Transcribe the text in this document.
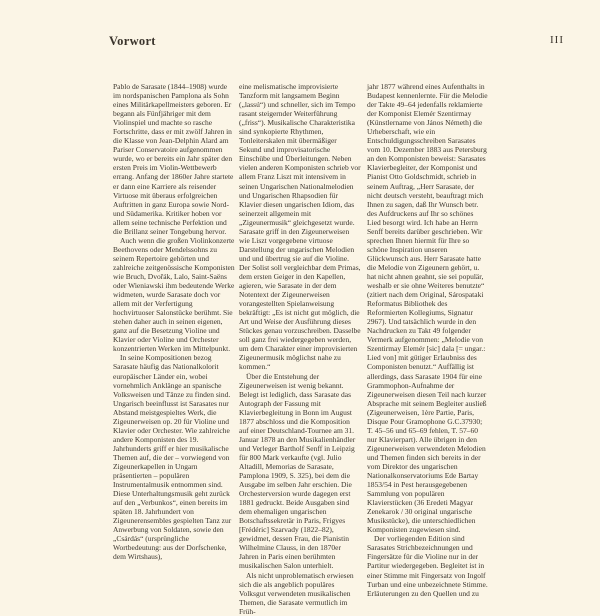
III
Vorwort

Pablo de Sarasate (1844–1908) wurde im nordspanischen Pamplona als Sohn eines Militärkapellmeisters geboren. Er begann als Fünfjähriger mit dem Violinspiel und machte so rasche Fortschritte, dass er mit zwölf Jahren in die Klasse von Jean-Delphin Alard am Pariser Conservatoire aufgenommen wurde, wo er bereits ein Jahr später den ersten Preis im Violin-Wettbewerb errang. Anfang der 1860er Jahre startete er dann eine Karriere als reisender Virtuose mit überaus erfolgreichen Auftritten in ganz Europa sowie Nord- und Südamerika. Kritiker hoben vor allem seine technische Perfektion und die Brillanz seiner Tongebung hervor.

Auch wenn die großen Violinkonzerte Beethovens oder Mendelssohns zu seinem Repertoire gehörten und zahlreiche zeitgenössische Komponisten wie Bruch, Dvořák, Lalo, Saint-Saëns oder Wieniawski ihm bedeutende Werke widmeten, wurde Sarasate doch vor allem mit der Verfertigung hochvirtuoser Salonstücke berühmt. Sie stehen daher auch in seinen eigenen, ganz auf die Besetzung Violine und Klavier oder Violine und Orchester konzentrierten Werken im Mittelpunkt.

In seine Kompositionen bezog Sarasate häufig das Nationalkolorit europäischer Länder ein, wobei vornehmlich Anklänge an spanische Volksweisen und Tänze zu finden sind. Ungarisch beeinflusst ist Sarasates nur Abstand meistgespieltes Werk, die Zigeunerweisen op. 20 für Violine und Klavier oder Orchester. Wie zahlreiche andere Komponisten des 19. Jahrhunderts griff er hier musikalische Themen auf, die der – vorwiegend von Zigeunerkapellen in Ungarn präsentierten – populären Instrumentalmusik entnommen sind. Diese Unterhaltungsmusik geht zurück auf den „Verbunkos“, einen bereits im späten 18. Jahrhundert von Zigeunerensembles gespielten Tanz zur Anwerbung von Soldaten, sowie den „Csárdás“ (ursprüngliche Wortbedeutung: aus der Dorfschenke, dem Wirtshaus),

eine melismatische improvisierte Tanzform mit langsamem Beginn („lassú“) und schneller, sich im Tempo rasant steigernder Weiterführung („friss“). Musikalische Charakteristika sind synkopierte Rhythmen, Tonleiterskalen mit übermäßiger Sekund und improvisatorische Einschübe und Überleitungen. Neben vielen anderen Komponisten schrieb vor allem Franz Liszt mit intensivem in seinen Ungarischen Nationalmelodien und Ungarischen Rhapsodien für Klavier diesen ungarischen Idiom, das seinerzeit allgemein mit „Zigeunermusik“ gleichgesetzt wurde. Sarasate griff in den Zigeunerweisen wie Liszt vorgegebene virtuose Darstellung der ungarischen Melodien und und übertrug sie auf die Violine. Der Solist soll vergleichbar dem Primas, dem ersten Geiger in den Kapellen, agieren, wie Sarasate in der dem Notentext der Zigeunerweisen vorangestellten Spielanweisung bekräftigt: „Es ist nicht gut möglich, die Art und Weise der Ausführung dieses Stückes genau vorzuschreiben. Dasselbe soll ganz frei wiedergegeben werden, um dem Charakter einer improvisierten Zigeunermusik möglichst nahe zu kommen.“

Über die Entstehung der Zigeunerweisen ist wenig bekannt. Belegt ist lediglich, dass Sarasate das Autograph der Fassung mit Klavierbegleitung in Bonn im August 1877 abschloss und die Komposition auf einer Deutschland-Tournee am 31. Januar 1878 an den Musikalienhändler und Verleger Bartholf Senff in Leipzig für 800 Mark verkaufte (vgl. Julio Altadill, Memorias de Sarasate, Pamplona 1909, S. 325), bei dem die Ausgabe im selben Jahr erschien. Die Orchesterversion wurde dagegen erst 1881 gedruckt. Beide Ausgaben sind dem ehemaligen ungarischen Botschaftssekretär in Paris, Frigyes [Frédéric] Szarvady (1822–82), gewidmet, dessen Frau, die Pianistin Wilhelmine Clauss, in den 1870er Jahren in Paris einen berühmten musikalischen Salon unterhielt.

Als nicht unproblematisch erwiesen sich die als angeblich populäres Volksgut verwendeten musikalischen Themen, die Sarasate vermutlich im Früh-

jahr 1877 während eines Aufenthalts in Budapest kennenlernte. Für die Melodie der Takte 49–64 jedenfalls reklamierte der Komponist Elemér Szentirmay (Künstlername von János Németh) die Urheberschaft, wie ein Entschuldigungsschreiben Sarasates vom 10. Dezember 1883 aus Petersburg an den Komponisten beweist: Sarasates Klavierbegleiter, der Komponist und Pianist Otto Goldschmidt, schrieb in seinem Auftrag, „Herr Sarasate, der nicht deutsch versteht, beauftragt mich Ihnen zu sagen, daß Ihr Wunsch betr. des Aufdruckens auf Ihr so schönes Lied besorgt wird. Ich habe an Herrn Senff bereits darüber geschrieben. Wir sprechen Ihnen hiermit für Ihre so schöne Inspiration unseren Glückwunsch aus. Herr Sarasate hatte die Melodie von Zigeunern gehört, u. hat nicht ahnen geahnt, sie sei populär, weshalb er sie ohne Weiteres benutzte“ (zitiert nach dem Original, Sárospataki Reformatus Bibliothek des Reformierten Kollegiums, Signatur 2967). Und tatsächlich wurde in den Nachdrucken zu Takt 49 folgender Vermerk aufgenommen: „Melodie von Szentirmay Elemér [sic] dala [= ungar.: Lied von] mit gütiger Erlaubniss des Componisten benutzt.“ Auffällig ist allerdings, dass Sarasate 1904 für eine Grammophon-Aufnahme der Zigeunerweisen diesen Teil nach kurzer Absprache mit seinem Begleiter ausließ (Zigeunerweisen, 1ère Partie, Paris, Disque Pour Gramophone G.C.37930; T. 45–56 und 65–69 fehlen, T. 57–60 nur Klavierpart). Alle übrigen in den Zigeunerweisen verwendeten Melodien und Themen finden sich bereits in der vom Direktor des ungarischen Nationalkonservatoriums Ede Bartay 1853/54 in Pest herausgegebenen Sammlung von populären Klavierstücken (36 Eredeti Magyar Zenekarok / 30 original ungarische Musikstücke), die unterschiedlichen Komponisten zugewiesen sind.

Der vorliegenden Edition sind Sarasates Strichbezeichnungen und Fingersätze für die Violine nur in der Partitur wiedergegeben. Begleitet ist in einer Stimme mit Fingersatz von Ingolf Turban und eine unbezeichnete Stimme. Erläuterungen zu den Quellen und zu
